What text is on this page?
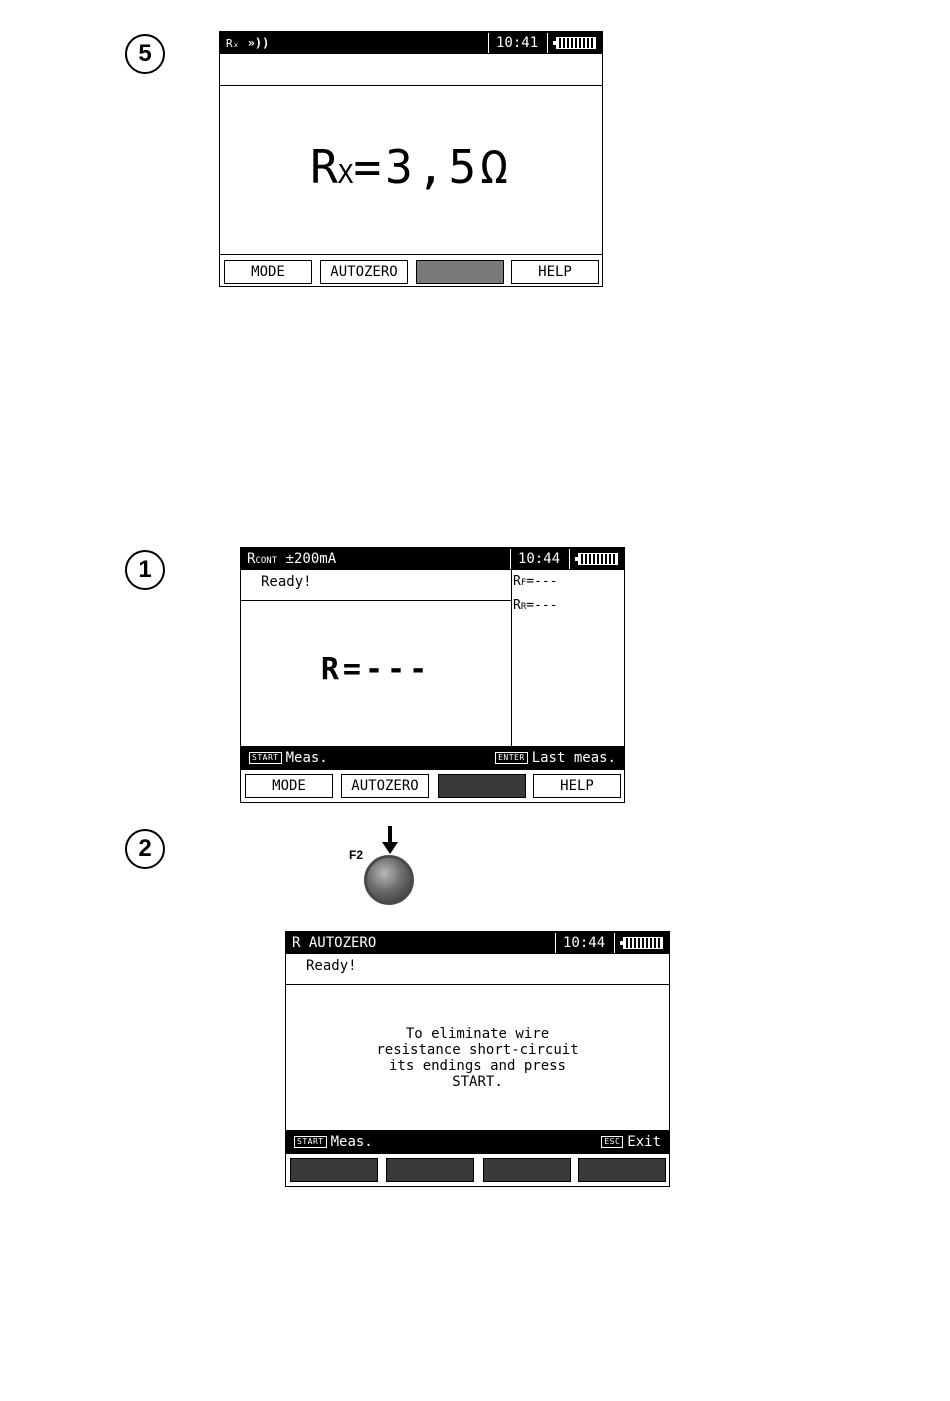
5	Rₓ »))	10:41
RX=3,5Ω
MODE	AUTOZERO	HELP
1	RCONT ±200mA	10:44
Ready!	RF=---
RR=---
R=---
START Meas.	ENTER Last meas.
MODE	AUTOZERO	HELP
2	F2
R AUTOZERO	10:44
Ready!
To eliminate wire
resistance short-circuit
its endings and press
START.
START Meas.	ESC Exit
